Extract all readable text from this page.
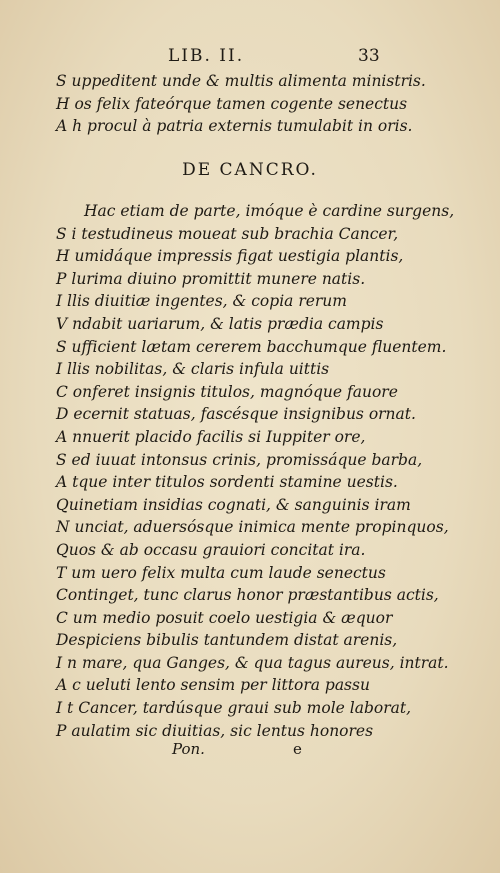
LIB. II.	33
S uppeditent unde & multis alimenta ministris.
H os felix fateórque tamen cogente senectus
A h procul à patria externis tumulabit in oris.
DE CANCRO.
Hac etiam de parte, imóque è cardine surgens,
S i testudineus moueat sub brachia Cancer,
H umidáque impressis figat uestigia plantis,
P lurima diuino promittit munere natis.
I llis diuitiæ ingentes, & copia rerum
V ndabit uariarum, & latis prædia campis
S ufficient lætam cererem bacchumque fluentem.
I llis nobilitas, & claris infula uittis
C onferet insignis titulos, magnóque fauore
D ecernit statuas, fascésque insignibus ornat.
A nnuerit placido facilis si Iuppiter ore,
S ed iuuat intonsus crinis, promissáque barba,
A tque inter titulos sordenti stamine uestis.
Quinetiam insidias cognati, & sanguinis iram
N unciat, aduersósque inimica mente propinquos,
Quos & ab occasu grauiori concitat ira.
T um uero felix multa cum laude senectus
Continget, tunc clarus honor præstantibus actis,
C um medio posuit coelo uestigia & æquor
Despiciens bibulis tantundem distat arenis,
I n mare, qua Ganges, & qua tagus aureus, intrat.
A c ueluti lento sensim per littora passu
I t Cancer, tardúsque graui sub mole laborat,
P aulatim sic diuitias, sic lentus honores
Pon.	e
